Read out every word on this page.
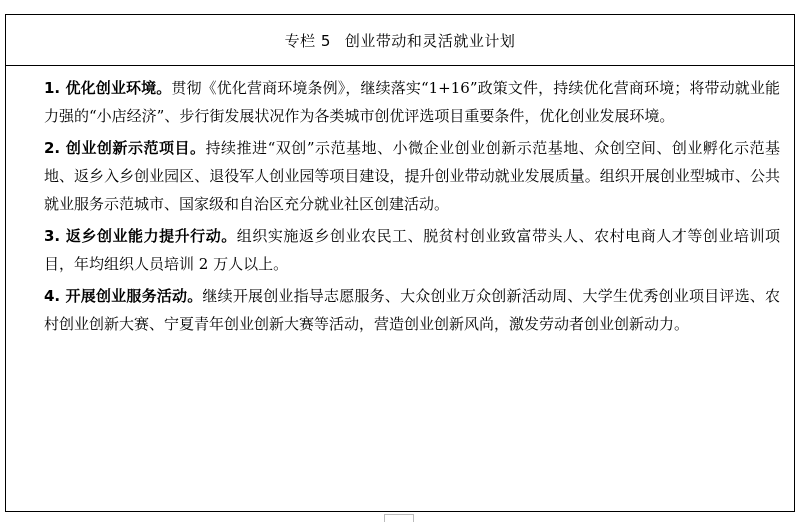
专栏 5 创业带动和灵活就业计划

1. 优化创业环境。贯彻《优化营商环境条例》，继续落实“1+16”政策文件，持续优化营商环境；将带动就业能力强的“小店经济”、步行街发展状况作为各类城市创优评选项目重要条件，优化创业发展环境。

2. 创业创新示范项目。持续推进“双创”示范基地、小微企业创业创新示范基地、众创空间、创业孵化示范基地、返乡入乡创业园区、退役军人创业园等项目建设，提升创业带动就业发展质量。组织开展创业型城市、公共就业服务示范城市、国家级和自治区充分就业社区创建活动。

3. 返乡创业能力提升行动。组织实施返乡创业农民工、脱贫村创业致富带头人、农村电商人才等创业培训项目，年均组织人员培训 2 万人以上。

4. 开展创业服务活动。继续开展创业指导志愿服务、大众创业万众创新活动周、大学生优秀创业项目评选、农村创业创新大赛、宁夏青年创业创新大赛等活动，营造创业创新风尚，激发劳动者创业创新动力。
